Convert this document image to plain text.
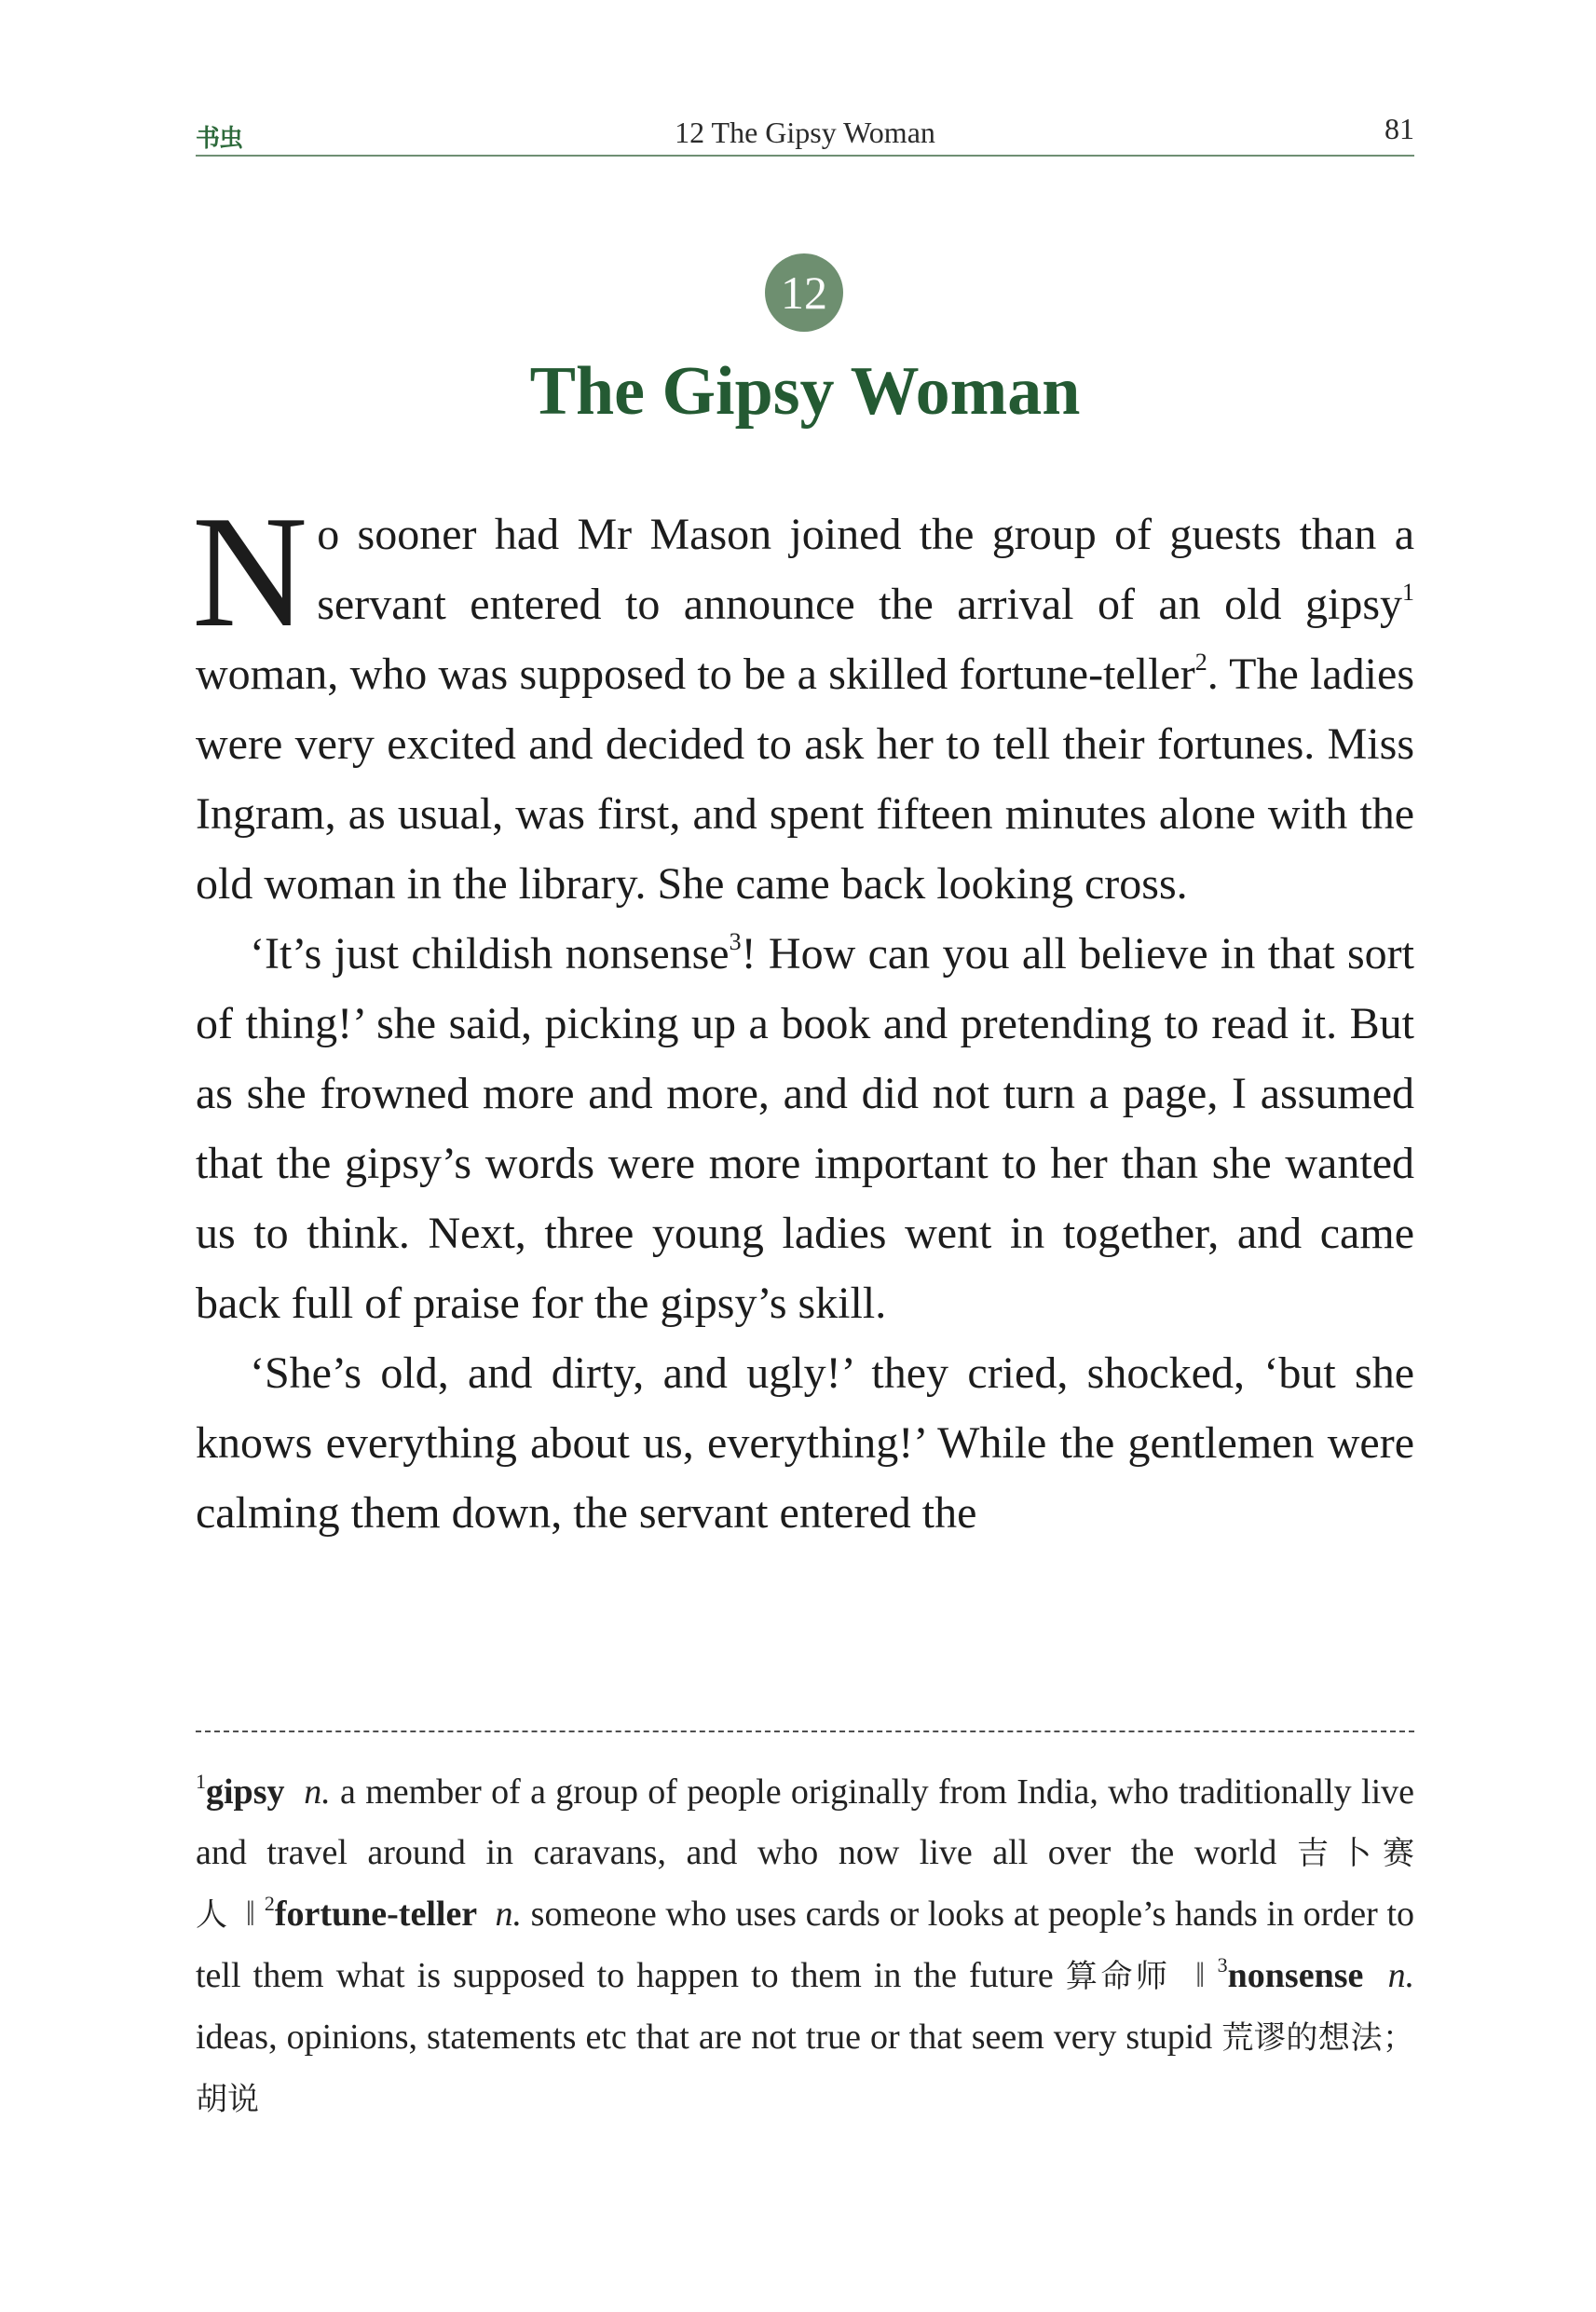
书虫	12 The Gipsy Woman	81
12
The Gipsy Woman

No sooner had Mr Mason joined the group of guests than a servant entered to announce the arrival of an old gipsy$^1$ woman, who was supposed to be a skilled fortune-teller$^2$. The ladies were very excited and decided to ask her to tell their fortunes. Miss Ingram, as usual, was first, and spent fifteen minutes alone with the old woman in the library. She came back looking cross.

‘It’s just childish nonsense$^3$! How can you all believe in that sort of thing!’ she said, picking up a book and pretending to read it. But as she frowned more and more, and did not turn a page, I assumed that the gipsy’s words were more important to her than she wanted us to think. Next, three young ladies went in together, and came back full of praise for the gipsy’s skill.

‘She’s old, and dirty, and ugly!’ they cried, shocked, ‘but she knows everything about us, everything!’ While the gentlemen were calming them down, the servant entered the

$^1$gipsy n. a member of a group of people originally from India, who traditionally live and travel around in caravans, and who now live all over the world 吉卜赛人 ‖ $^2$fortune-teller n. someone who uses cards or looks at people’s hands in order to tell them what is supposed to happen to them in the future 算命师 ‖ $^3$nonsense n. ideas, opinions, statements etc that are not true or that seem very stupid 荒谬的想法；胡说
